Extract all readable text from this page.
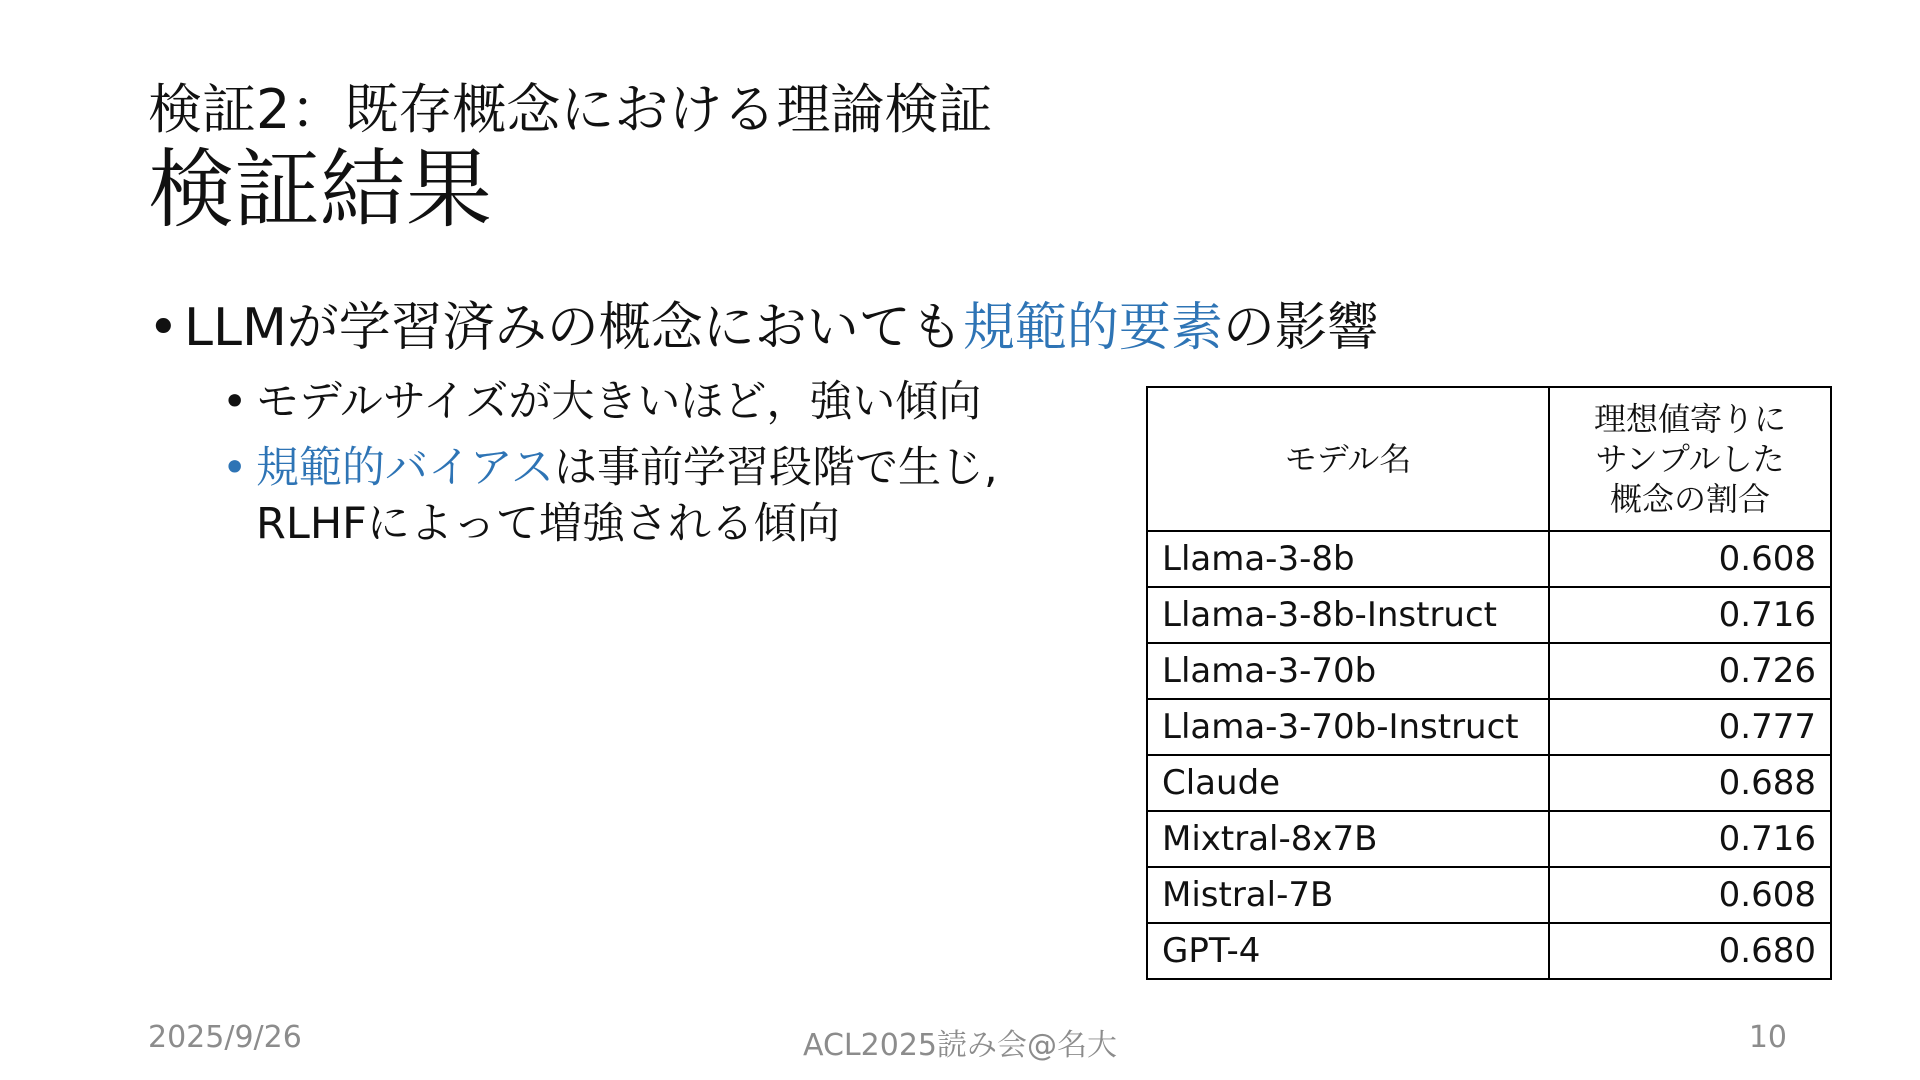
検証2：既存概念における理論検証
検証結果
• LLMが学習済みの概念においても規範的要素の影響
• モデルサイズが大きいほど，強い傾向
• 規範的バイアスは事前学習段階で生じ,
RLHFによって増強される傾向
モデル名	理想値寄りに
サンプルした
概念の割合
Llama-3-8b	0.608
Llama-3-8b-Instruct	0.716
Llama-3-70b	0.726
Llama-3-70b-Instruct	0.777
Claude	0.688
Mixtral-8x7B	0.716
Mistral-7B	0.608
GPT-4	0.680
2025/9/26	ACL2025読み会@名大	10
